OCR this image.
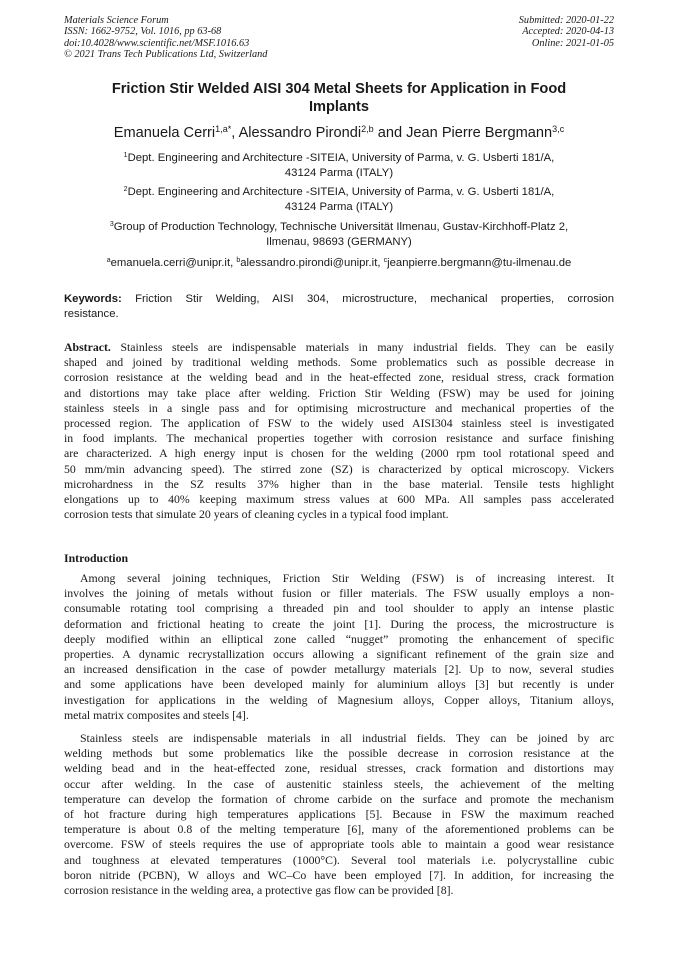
Materials Science Forum
ISSN: 1662-9752, Vol. 1016, pp 63-68
doi:10.4028/www.scientific.net/MSF.1016.63
© 2021 Trans Tech Publications Ltd, Switzerland
Submitted: 2020-01-22
Accepted: 2020-04-13
Online: 2021-01-05
Friction Stir Welded AISI 304 Metal Sheets for Application in Food
Implants
Emanuela Cerri$^{1,a*}$, Alessandro Pirondi$^{2,b}$ and Jean Pierre Bergmann$^{3,c}$
$^1$Dept. Engineering and Architecture -SITEIA, University of Parma, v. G. Usberti 181/A,
43124 Parma (ITALY)
$^2$Dept. Engineering and Architecture -SITEIA, University of Parma, v. G. Usberti 181/A,
43124 Parma (ITALY)
$^3$Group of Production Technology, Technische Universität Ilmenau, Gustav-Kirchhoff-Platz 2,
Ilmenau, 98693 (GERMANY)
$^a$emanuela.cerri@unipr.it, $^b$alessandro.pirondi@unipr.it, $^c$jeanpierre.bergmann@tu-ilmenau.de
Keywords: Friction Stir Welding, AISI 304, microstructure, mechanical properties, corrosion
resistance.
Abstract. Stainless steels are indispensable materials in many industrial fields. They can be easily
shaped and joined by traditional welding methods. Some problematics such as possible decrease in
corrosion resistance at the welding bead and in the heat-effected zone, residual stress, crack formation
and distortions may take place after welding. Friction Stir Welding (FSW) may be used for joining
stainless steels in a single pass and for optimising microstructure and mechanical properties of the
processed region. The application of FSW to the widely used AISI304 stainless steel is investigated
in food implants. The mechanical properties together with corrosion resistance and surface finishing
are characterized. A high energy input is chosen for the welding (2000 rpm tool rotational speed and
50 mm/min advancing speed). The stirred zone (SZ) is characterized by optical microscopy. Vickers
microhardness in the SZ results 37% higher than in the base material. Tensile tests highlight
elongations up to 40% keeping maximum stress values at 600 MPa. All samples pass accelerated
corrosion tests that simulate 20 years of cleaning cycles in a typical food implant.
Introduction
Among several joining techniques, Friction Stir Welding (FSW) is of increasing interest. It
involves the joining of metals without fusion or filler materials. The FSW usually employs a non-
consumable rotating tool comprising a threaded pin and tool shoulder to apply an intense plastic
deformation and frictional heating to create the joint [1]. During the process, the microstructure is
deeply modified within an elliptical zone called “nugget” promoting the enhancement of specific
properties. A dynamic recrystallization occurs allowing a significant refinement of the grain size and
an increased densification in the case of powder metallurgy materials [2]. Up to now, several studies
and some applications have been developed mainly for aluminium alloys [3] but recently is under
investigation for applications in the welding of Magnesium alloys, Copper alloys, Titanium alloys,
metal matrix composites and steels [4].
Stainless steels are indispensable materials in all industrial fields. They can be joined by arc
welding methods but some problematics like the possible decrease in corrosion resistance at the
welding bead and in the heat-effected zone, residual stresses, crack formation and distortions may
occur after welding. In the case of austenitic stainless steels, the achievement of the melting
temperature can develop the formation of chrome carbide on the surface and promote the mechanism
of hot fracture during high temperatures applications [5]. Because in FSW the maximum reached
temperature is about 0.8 of the melting temperature [6], many of the aforementioned problems can be
overcome. FSW of steels requires the use of appropriate tools able to maintain a good wear resistance
and toughness at elevated temperatures (1000°C). Several tool materials i.e. polycrystalline cubic
boron nitride (PCBN), W alloys and WC–Co have been employed [7]. In addition, for increasing the
corrosion resistance in the welding area, a protective gas flow can be provided [8].
